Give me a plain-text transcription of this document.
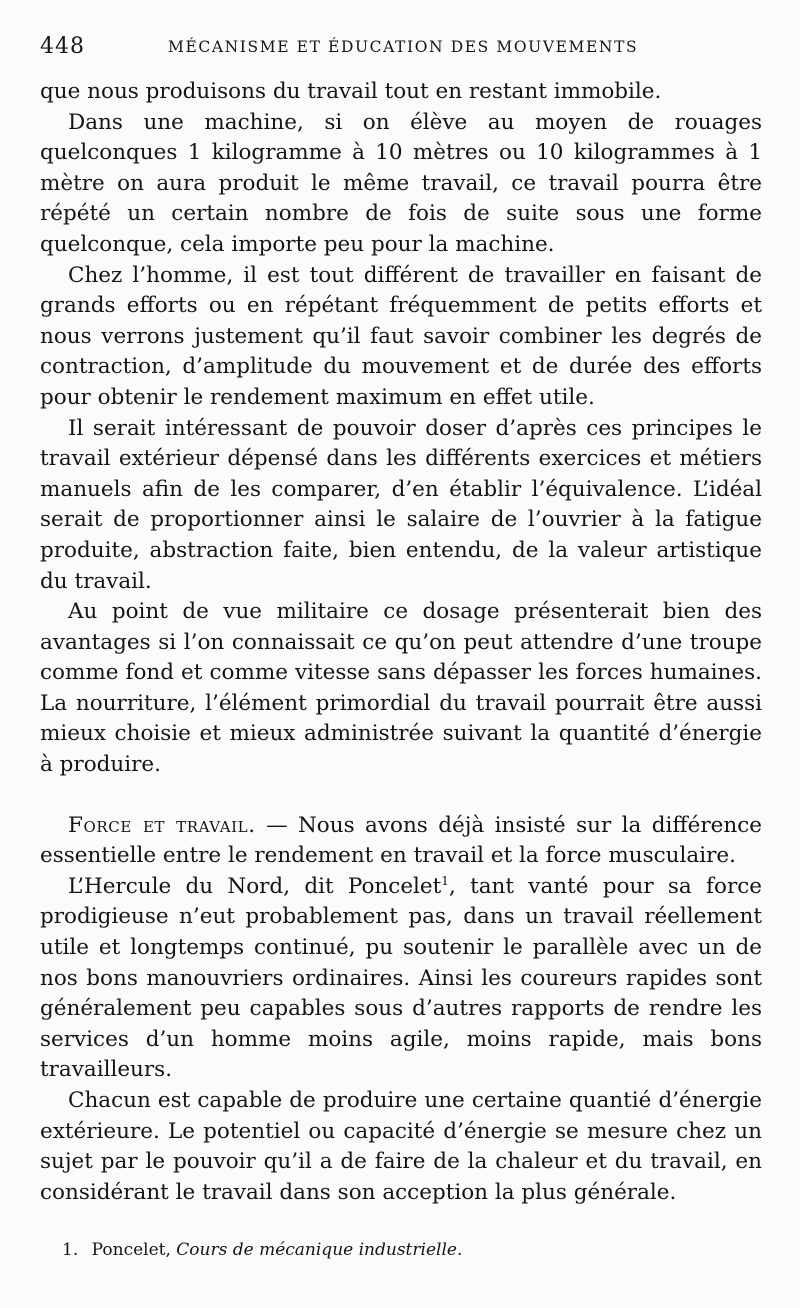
448	MÉCANISME ET ÉDUCATION DES MOUVEMENTS

que nous produisons du travail tout en restant immobile.

Dans une machine, si on élève au moyen de rouages quelconques 1 kilogramme à 10 mètres ou 10 kilogrammes à 1 mètre on aura produit le même travail, ce travail pourra être répété un certain nombre de fois de suite sous une forme quelconque, cela importe peu pour la machine.

Chez l’homme, il est tout différent de travailler en faisant de grands efforts ou en répétant fréquemment de petits efforts et nous verrons justement qu’il faut savoir combiner les degrés de contraction, d’amplitude du mouvement et de durée des efforts pour obtenir le rendement maximum en effet utile.

Il serait intéressant de pouvoir doser d’après ces principes le travail extérieur dépensé dans les différents exercices et métiers manuels afin de les comparer, d’en établir l’équivalence. L’idéal serait de proportionner ainsi le salaire de l’ouvrier à la fatigue produite, abstraction faite, bien entendu, de la valeur artistique du travail.

Au point de vue militaire ce dosage présenterait bien des avantages si l’on connaissait ce qu’on peut attendre d’une troupe comme fond et comme vitesse sans dépasser les forces humaines. La nourriture, l’élément primordial du travail pourrait être aussi mieux choisie et mieux administrée suivant la quantité d’énergie à produire.

Force et travail. — Nous avons déjà insisté sur la différence essentielle entre le rendement en travail et la force musculaire.

L’Hercule du Nord, dit Poncelet$^1$, tant vanté pour sa force prodigieuse n’eut probablement pas, dans un travail réellement utile et longtemps continué, pu soutenir le parallèle avec un de nos bons manouvriers ordinaires. Ainsi les coureurs rapides sont généralement peu capables sous d’autres rapports de rendre les services d’un homme moins agile, moins rapide, mais bons travailleurs.

Chacun est capable de produire une certaine quantié d’énergie extérieure. Le potentiel ou capacité d’énergie se mesure chez un sujet par le pouvoir qu’il a de faire de la chaleur et du travail, en considérant le travail dans son acception la plus générale.

1. Poncelet, Cours de mécanique industrielle.
